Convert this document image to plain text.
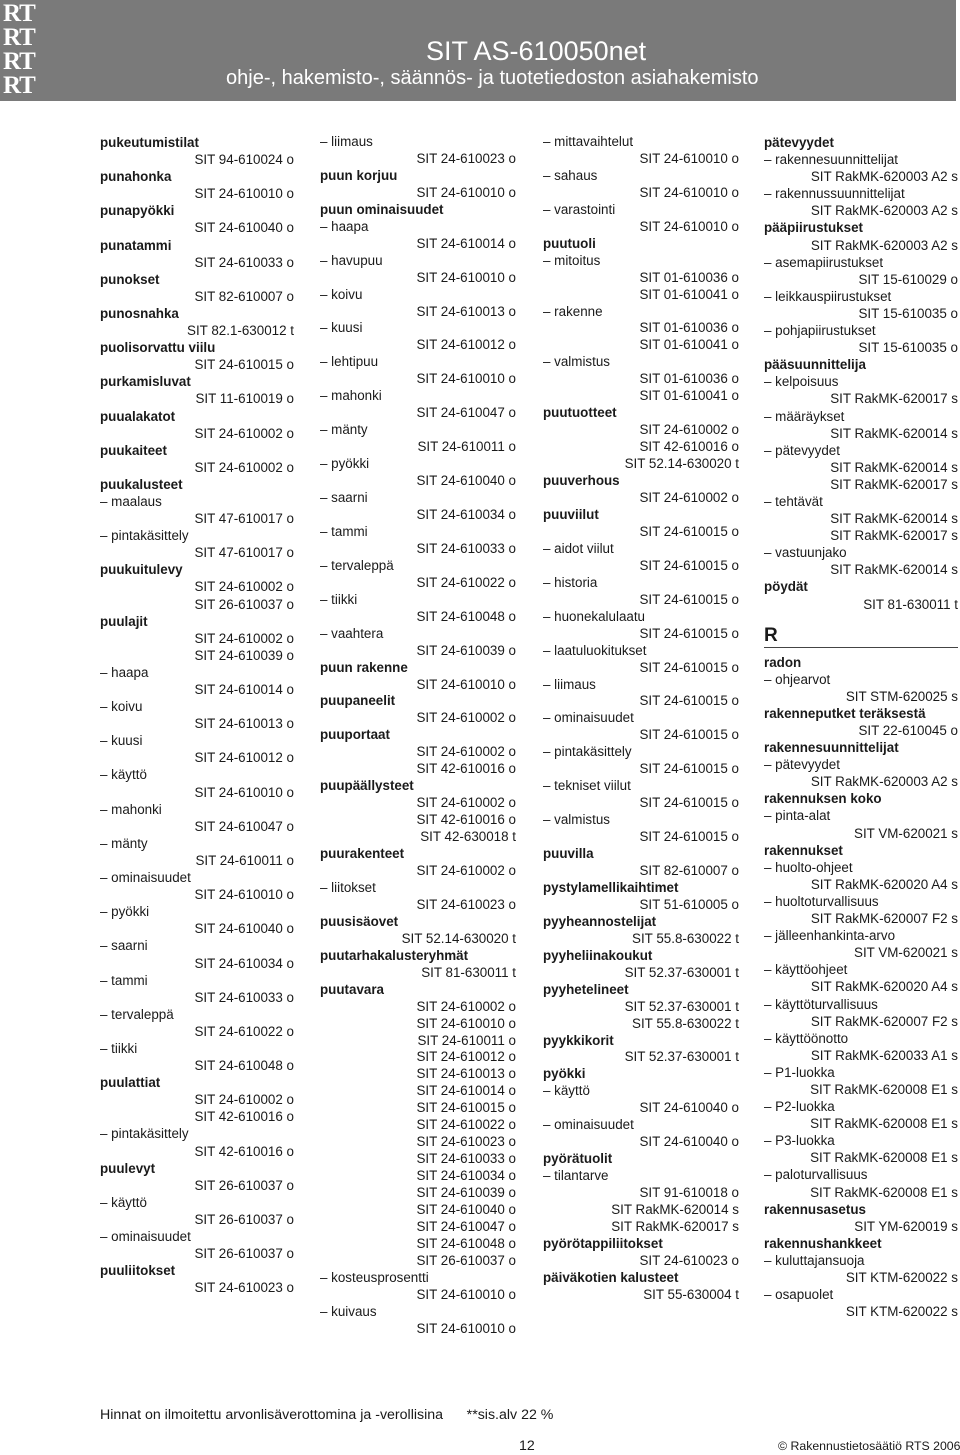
RT
RT
RT
RT
SIT AS-610050net
ohje-, hakemisto-, säännös- ja tuotetiedoston asiahakemisto
pukeutumistilat
SIT 94-610024 o
punahonka
SIT 24-610010 o
punapyökki
SIT 24-610040 o
punatammi
SIT 24-610033 o
punokset
SIT 82-610007 o
punosnahka
SIT 82.1-630012 t
puolisorvattu viilu
SIT 24-610015 o
purkamisluvat
SIT 11-610019 o
puualakatot
SIT 24-610002 o
puukaiteet
SIT 24-610002 o
puukalusteet
– maalaus
SIT 47-610017 o
– pintakäsittely
SIT 47-610017 o
puukuitulevy
SIT 24-610002 o
SIT 26-610037 o
puulajit
SIT 24-610002 o
SIT 24-610039 o
– haapa
SIT 24-610014 o
– koivu
SIT 24-610013 o
– kuusi
SIT 24-610012 o
– käyttö
SIT 24-610010 o
– mahonki
SIT 24-610047 o
– mänty
SIT 24-610011 o
– ominaisuudet
SIT 24-610010 o
– pyökki
SIT 24-610040 o
– saarni
SIT 24-610034 o
– tammi
SIT 24-610033 o
– tervaleppä
SIT 24-610022 o
– tiikki
SIT 24-610048 o
puulattiat
SIT 24-610002 o
SIT 42-610016 o
– pintakäsittely
SIT 42-610016 o
puulevyt
SIT 26-610037 o
– käyttö
SIT 26-610037 o
– ominaisuudet
SIT 26-610037 o
puuliitokset
SIT 24-610023 o
– liimaus
SIT 24-610023 o
puun korjuu
SIT 24-610010 o
puun ominaisuudet
– haapa
SIT 24-610014 o
– havupuu
SIT 24-610010 o
– koivu
SIT 24-610013 o
– kuusi
SIT 24-610012 o
– lehtipuu
SIT 24-610010 o
– mahonki
SIT 24-610047 o
– mänty
SIT 24-610011 o
– pyökki
SIT 24-610040 o
– saarni
SIT 24-610034 o
– tammi
SIT 24-610033 o
– tervaleppä
SIT 24-610022 o
– tiikki
SIT 24-610048 o
– vaahtera
SIT 24-610039 o
puun rakenne
SIT 24-610010 o
puupaneelit
SIT 24-610002 o
puuportaat
SIT 24-610002 o
SIT 42-610016 o
puupäällysteet
SIT 24-610002 o
SIT 42-610016 o
SIT 42-630018 t
puurakenteet
SIT 24-610002 o
– liitokset
SIT 24-610023 o
puusisäovet
SIT 52.14-630020 t
puutarhakalusteryhmät
SIT 81-630011 t
puutavara
SIT 24-610002 o
SIT 24-610010 o
SIT 24-610011 o
SIT 24-610012 o
SIT 24-610013 o
SIT 24-610014 o
SIT 24-610015 o
SIT 24-610022 o
SIT 24-610023 o
SIT 24-610033 o
SIT 24-610034 o
SIT 24-610039 o
SIT 24-610040 o
SIT 24-610047 o
SIT 24-610048 o
SIT 26-610037 o
– kosteusprosentti
SIT 24-610010 o
– kuivaus
SIT 24-610010 o
– mittavaihtelut
SIT 24-610010 o
– sahaus
SIT 24-610010 o
– varastointi
SIT 24-610010 o
puutuoli
– mitoitus
SIT 01-610036 o
SIT 01-610041 o
– rakenne
SIT 01-610036 o
SIT 01-610041 o
– valmistus
SIT 01-610036 o
SIT 01-610041 o
puutuotteet
SIT 24-610002 o
SIT 42-610016 o
SIT 52.14-630020 t
puuverhous
SIT 24-610002 o
puuviilut
SIT 24-610015 o
– aidot viilut
SIT 24-610015 o
– historia
SIT 24-610015 o
– huonekalulaatu
SIT 24-610015 o
– laatuluokitukset
SIT 24-610015 o
– liimaus
SIT 24-610015 o
– ominaisuudet
SIT 24-610015 o
– pintakäsittely
SIT 24-610015 o
– tekniset viilut
SIT 24-610015 o
– valmistus
SIT 24-610015 o
puuvilla
SIT 82-610007 o
pystylamellikaihtimet
SIT 51-610005 o
pyyheannostelijat
SIT 55.8-630022 t
pyyheliinakoukut
SIT 52.37-630001 t
pyyhetelineet
SIT 52.37-630001 t
SIT 55.8-630022 t
pyykkikorit
SIT 52.37-630001 t
pyökki
– käyttö
SIT 24-610040 o
– ominaisuudet
SIT 24-610040 o
pyörätuolit
– tilantarve
SIT 91-610018 o
SIT RakMK-620014 s
SIT RakMK-620017 s
pyörötappiliitokset
SIT 24-610023 o
päiväkotien kalusteet
SIT 55-630004 t
pätevyydet
– rakennesuunnittelijat
SIT RakMK-620003 A2 s
– rakennussuunnittelijat
SIT RakMK-620003 A2 s
pääpiirustukset
SIT RakMK-620003 A2 s
– asemapiirustukset
SIT 15-610029 o
– leikkauspiirustukset
SIT 15-610035 o
– pohjapiirustukset
SIT 15-610035 o
pääsuunnittelija
– kelpoisuus
SIT RakMK-620017 s
– määräykset
SIT RakMK-620014 s
– pätevyydet
SIT RakMK-620014 s
SIT RakMK-620017 s
– tehtävät
SIT RakMK-620014 s
SIT RakMK-620017 s
– vastuunjako
SIT RakMK-620014 s
pöydät
SIT 81-630011 t
R
radon
– ohjearvot
SIT STM-620025 s
rakenneputket teräksestä
SIT 22-610045 o
rakennesuunnittelijat
– pätevyydet
SIT RakMK-620003 A2 s
rakennuksen koko
– pinta-alat
SIT VM-620021 s
rakennukset
– huolto-ohjeet
SIT RakMK-620020 A4 s
– huoltoturvallisuus
SIT RakMK-620007 F2 s
– jälleenhankinta-arvo
SIT VM-620021 s
– käyttöohjeet
SIT RakMK-620020 A4 s
– käyttöturvallisuus
SIT RakMK-620007 F2 s
– käyttöönotto
SIT RakMK-620033 A1 s
– P1-luokka
SIT RakMK-620008 E1 s
– P2-luokka
SIT RakMK-620008 E1 s
– P3-luokka
SIT RakMK-620008 E1 s
– paloturvallisuus
SIT RakMK-620008 E1 s
rakennusasetus
SIT YM-620019 s
rakennushankkeet
– kuluttajansuoja
SIT KTM-620022 s
– osapuolet
SIT KTM-620022 s

Hinnat on ilmoitettu arvonlisäverottomina ja -verollisina      **sis.alv 22 %

12	© Rakennustietosäätiö RTS 2006
